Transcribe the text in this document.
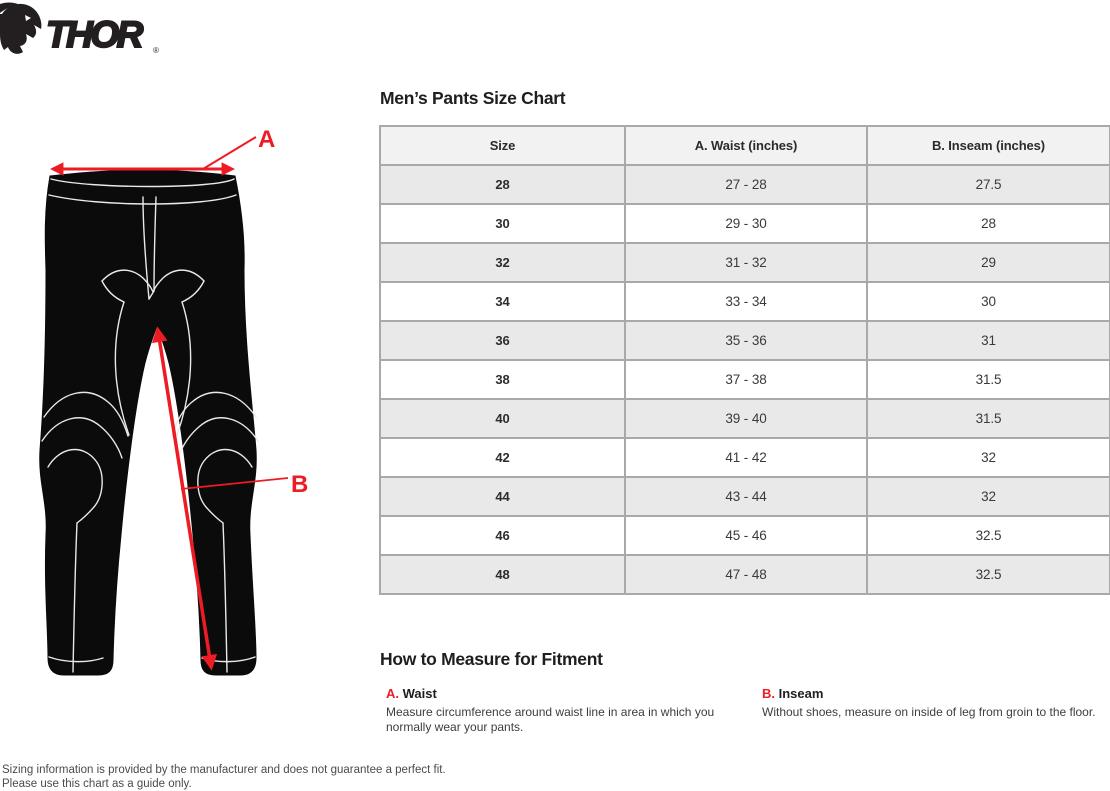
THOR	®
A
B
Men’s Pants Size Chart
Size	A. Waist (inches)	B. Inseam (inches)
28	27 - 28	27.5
30	29 - 30	28
32	31 - 32	29
34	33 - 34	30
36	35 - 36	31
38	37 - 38	31.5
40	39 - 40	31.5
42	41 - 42	32
44	43 - 44	32
46	45 - 46	32.5
48	47 - 48	32.5
How to Measure for Fitment
A. Waist
Measure circumference around waist line in area in which you normally wear your pants.
B. Inseam
Without shoes, measure on inside of leg from groin to the floor.
Sizing information is provided by the manufacturer and does not guarantee a perfect fit.
Please use this chart as a guide only.
